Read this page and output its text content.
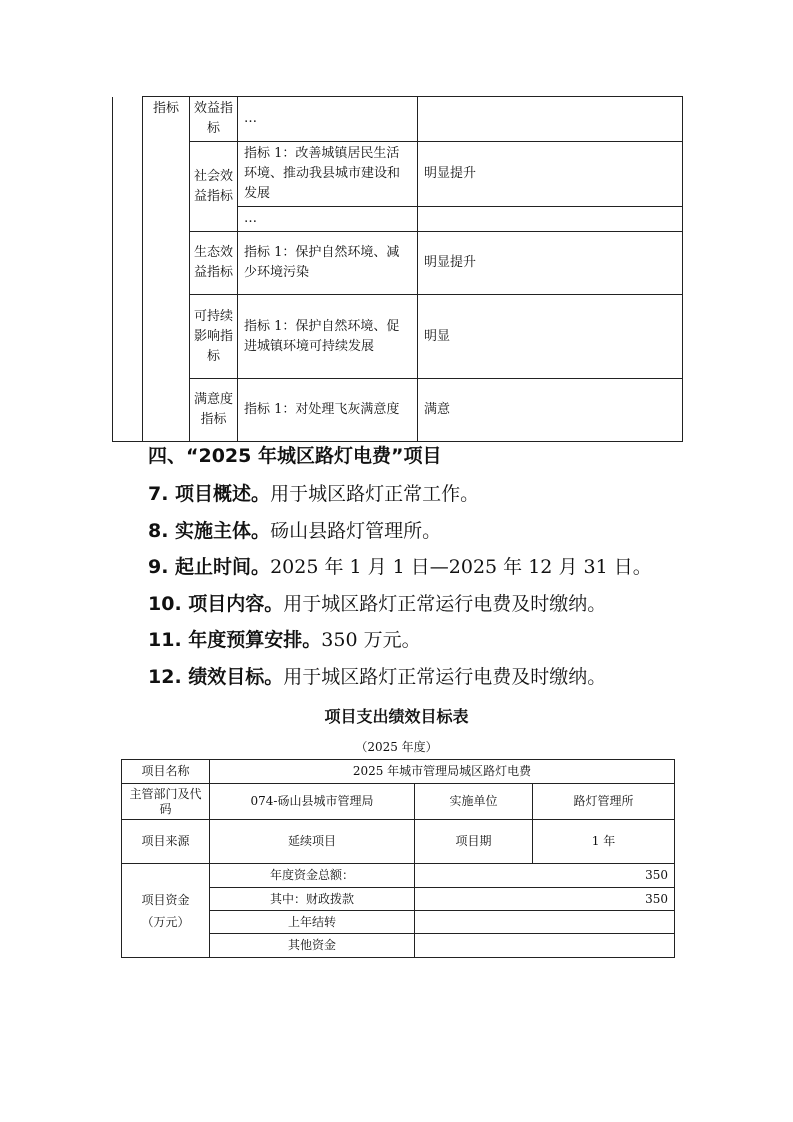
	指标	效益指标	…	
		社会效益指标	指标 1：改善城镇居民生活环境、推动我县城市建设和发展	明显提升
			…	
		生态效益指标	指标 1：保护自然环境、减少环境污染	明显提升
		可持续影响指标	指标 1：保护自然环境、促进城镇环境可持续发展	明显
		满意度指标	指标 1：对处理飞灰满意度	满意
四、“2025 年城区路灯电费”项目
7. 项目概述。用于城区路灯正常工作。
8. 实施主体。砀山县路灯管理所。
9. 起止时间。2025 年 1 月 1 日—2025 年 12 月 31 日。
10. 项目内容。用于城区路灯正常运行电费及时缴纳。
11. 年度预算安排。350 万元。
12. 绩效目标。用于城区路灯正常运行电费及时缴纳。
项目支出绩效目标表
（2025 年度）
项目名称	2025 年城市管理局城区路灯电费		
主管部门及代码	074-砀山县城市管理局	实施单位	路灯管理所
项目来源	延续项目	项目期	1 年

项目资金
（万元）	年度资金总额：	350	
	其中：财政拨款	350	
	上年结转		
	其他资金		
